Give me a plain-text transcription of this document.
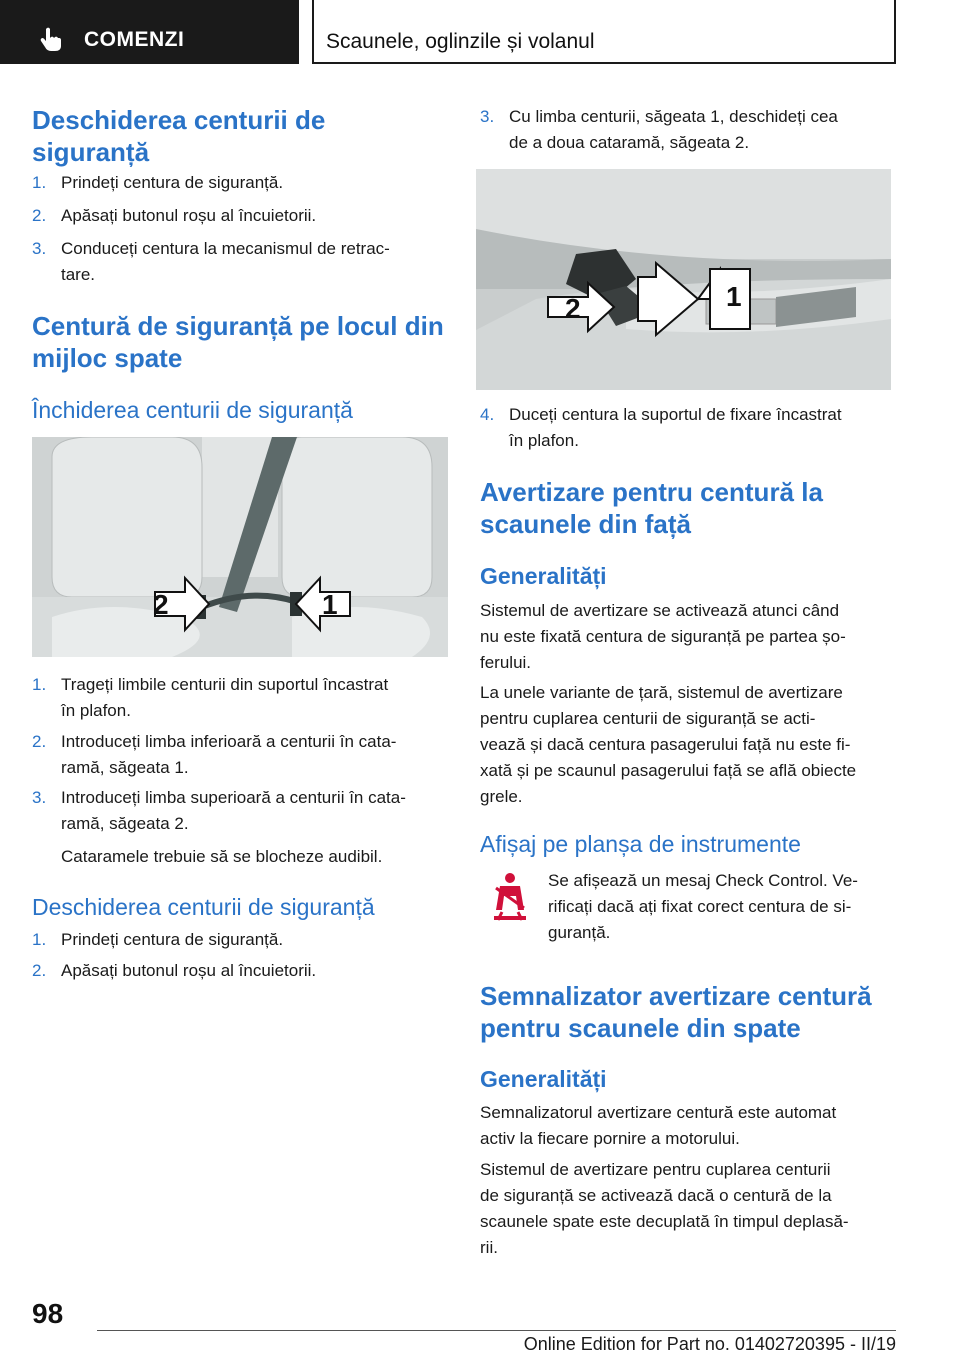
COMENZI	Scaunele, oglinzile și volanul
Deschiderea centurii de siguranță
1. Prindeți centura de siguranță.
2. Apăsați butonul roșu al încuietorii.
3. Conduceți centura la mecanismul de retrac-
tare.
Centură de siguranță pe locul din mijloc spate
Închiderea centurii de siguranță
2	1
1. Trageți limbile centurii din suportul încastrat
în plafon.
2. Introduceți limba inferioară a centurii în cata-
ramă, săgeata 1.
3. Introduceți limba superioară a centurii în cata-
ramă, săgeata 2.
Cataramele trebuie să se blocheze audibil.
Deschiderea centurii de siguranță
1. Prindeți centura de siguranță.
2. Apăsați butonul roșu al încuietorii.
3. Cu limba centurii, săgeata 1, deschideți cea
de a doua cataramă, săgeata 2.
2	1
4. Duceți centura la suportul de fixare încastrat
în plafon.
Avertizare pentru centură la scaunele din față
Generalități
Sistemul de avertizare se activează atunci când
nu este fixată centura de siguranță pe partea șo-
ferului.
La unele variante de țară, sistemul de avertizare
pentru cuplarea centurii de siguranță se acti-
vează și dacă centura pasagerului față nu este fi-
xată și pe scaunul pasagerului față se află obiecte
grele.
Afișaj pe planșa de instrumente
Se afișează un mesaj Check Control. Ve-
rificați dacă ați fixat corect centura de si-
guranță.
Semnalizator avertizare centură pentru scaunele din spate
Generalități
Semnalizatorul avertizare centură este automat
activ la fiecare pornire a motorului.
Sistemul de avertizare pentru cuplarea centurii
de siguranță se activează dacă o centură de la
scaunele spate este decuplată în timpul deplasă-
rii.
98
Online Edition for Part no. 01402720395 - II/19
